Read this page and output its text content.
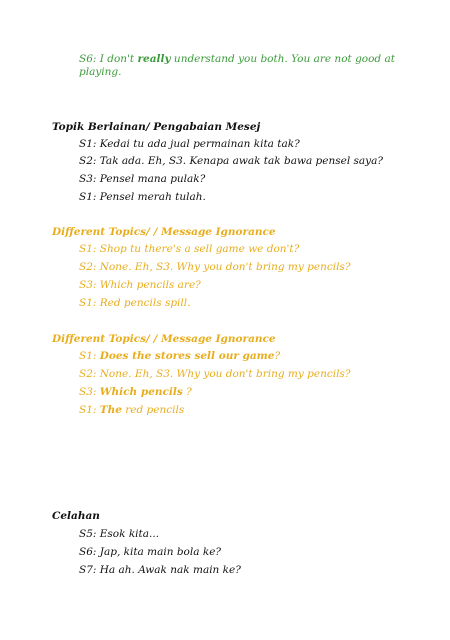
S6: I don't really understand you both. You are not good at
playing.
Topik Berlainan/ Pengabaian Mesej
S1: Kedai tu ada jual permainan kita tak?
S2: Tak ada. Eh, S3. Kenapa awak tak bawa pensel saya?
S3: Pensel mana pulak?
S1: Pensel merah tulah.
Different Topics/ / Message Ignorance
S1: Shop tu there's a sell game we don't?
S2: None. Eh, S3. Why you don't bring my pencils?
S3: Which pencils are?
S1: Red pencils spill.
Different Topics/ / Message Ignorance
S1: Does the stores sell our game?
S2: None. Eh, S3. Why you don't bring my pencils?
S3: Which pencils ?
S1: The red pencils
Celahan
S5: Esok kita...
S6: Jap, kita main bola ke?
S7: Ha ah. Awak nak main ke?
